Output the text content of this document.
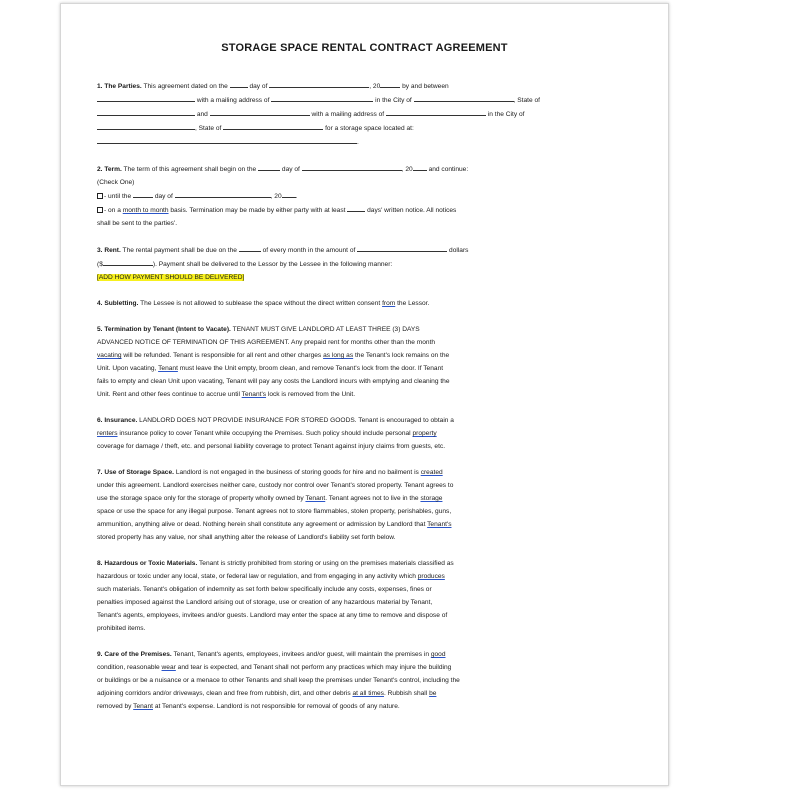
STORAGE SPACE RENTAL CONTRACT AGREEMENT
1. The Parties. This agreement dated on the	day of	, 20	by and between
with a mailing address of	in the City of	, State of
and	with a mailing address of	in the City of
, State of	for a storage space located at:
.
2. Term. The term of this agreement shall begin on the	day of	, 20 and continue:
(Check One)
- until the	day of	, 20 .
- on a month to month basis. Termination may be made by either party with at least	days' written notice. All notices
shall be sent to the parties'.
3. Rent. The rental payment shall be due on the	of every month in the amount of	dollars
($	). Payment shall be delivered to the Lessor by the Lessee in the following manner:
[ADD HOW PAYMENT SHOULD BE DELIVERED]
4. Subletting. The Lessee is not allowed to sublease the space without the direct written consent from the Lessor.
5. Termination by Tenant (Intent to Vacate). TENANT MUST GIVE LANDLORD AT LEAST THREE (3) DAYS
ADVANCED NOTICE OF TERMINATION OF THIS AGREEMENT. Any prepaid rent for months other than the month
vacating will be refunded. Tenant is responsible for all rent and other charges as long as the Tenant's lock remains on the
Unit. Upon vacating, Tenant must leave the Unit empty, broom clean, and remove Tenant's lock from the door. If Tenant
fails to empty and clean Unit upon vacating, Tenant will pay any costs the Landlord incurs with emptying and cleaning the
Unit. Rent and other fees continue to accrue until Tenant's lock is removed from the Unit.
6. Insurance. LANDLORD DOES NOT PROVIDE INSURANCE FOR STORED GOODS. Tenant is encouraged to obtain a
renters insurance policy to cover Tenant while occupying the Premises. Such policy should include personal property
coverage for damage / theft, etc. and personal liability coverage to protect Tenant against injury claims from guests, etc.
7. Use of Storage Space. Landlord is not engaged in the business of storing goods for hire and no bailment is created
under this agreement. Landlord exercises neither care, custody nor control over Tenant's stored property. Tenant agrees to
use the storage space only for the storage of property wholly owned by Tenant. Tenant agrees not to live in the storage
space or use the space for any illegal purpose. Tenant agrees not to store flammables, stolen property, perishables, guns,
ammunition, anything alive or dead. Nothing herein shall constitute any agreement or admission by Landlord that Tenant's
stored property has any value, nor shall anything alter the release of Landlord's liability set forth below.
8. Hazardous or Toxic Materials. Tenant is strictly prohibited from storing or using on the premises materials classified as
hazardous or toxic under any local, state, or federal law or regulation, and from engaging in any activity which produces
such materials. Tenant's obligation of indemnity as set forth below specifically include any costs, expenses, fines or
penalties imposed against the Landlord arising out of storage, use or creation of any hazardous material by Tenant,
Tenant's agents, employees, invitees and/or guests. Landlord may enter the space at any time to remove and dispose of
prohibited items.
9. Care of the Premises. Tenant, Tenant's agents, employees, invitees and/or guest, will maintain the premises in good
condition, reasonable wear and tear is expected, and Tenant shall not perform any practices which may injure the building
or buildings or be a nuisance or a menace to other Tenants and shall keep the premises under Tenant's control, including the
adjoining corridors and/or driveways, clean and free from rubbish, dirt, and other debris at all times. Rubbish shall be
removed by Tenant at Tenant's expense. Landlord is not responsible for removal of goods of any nature.
